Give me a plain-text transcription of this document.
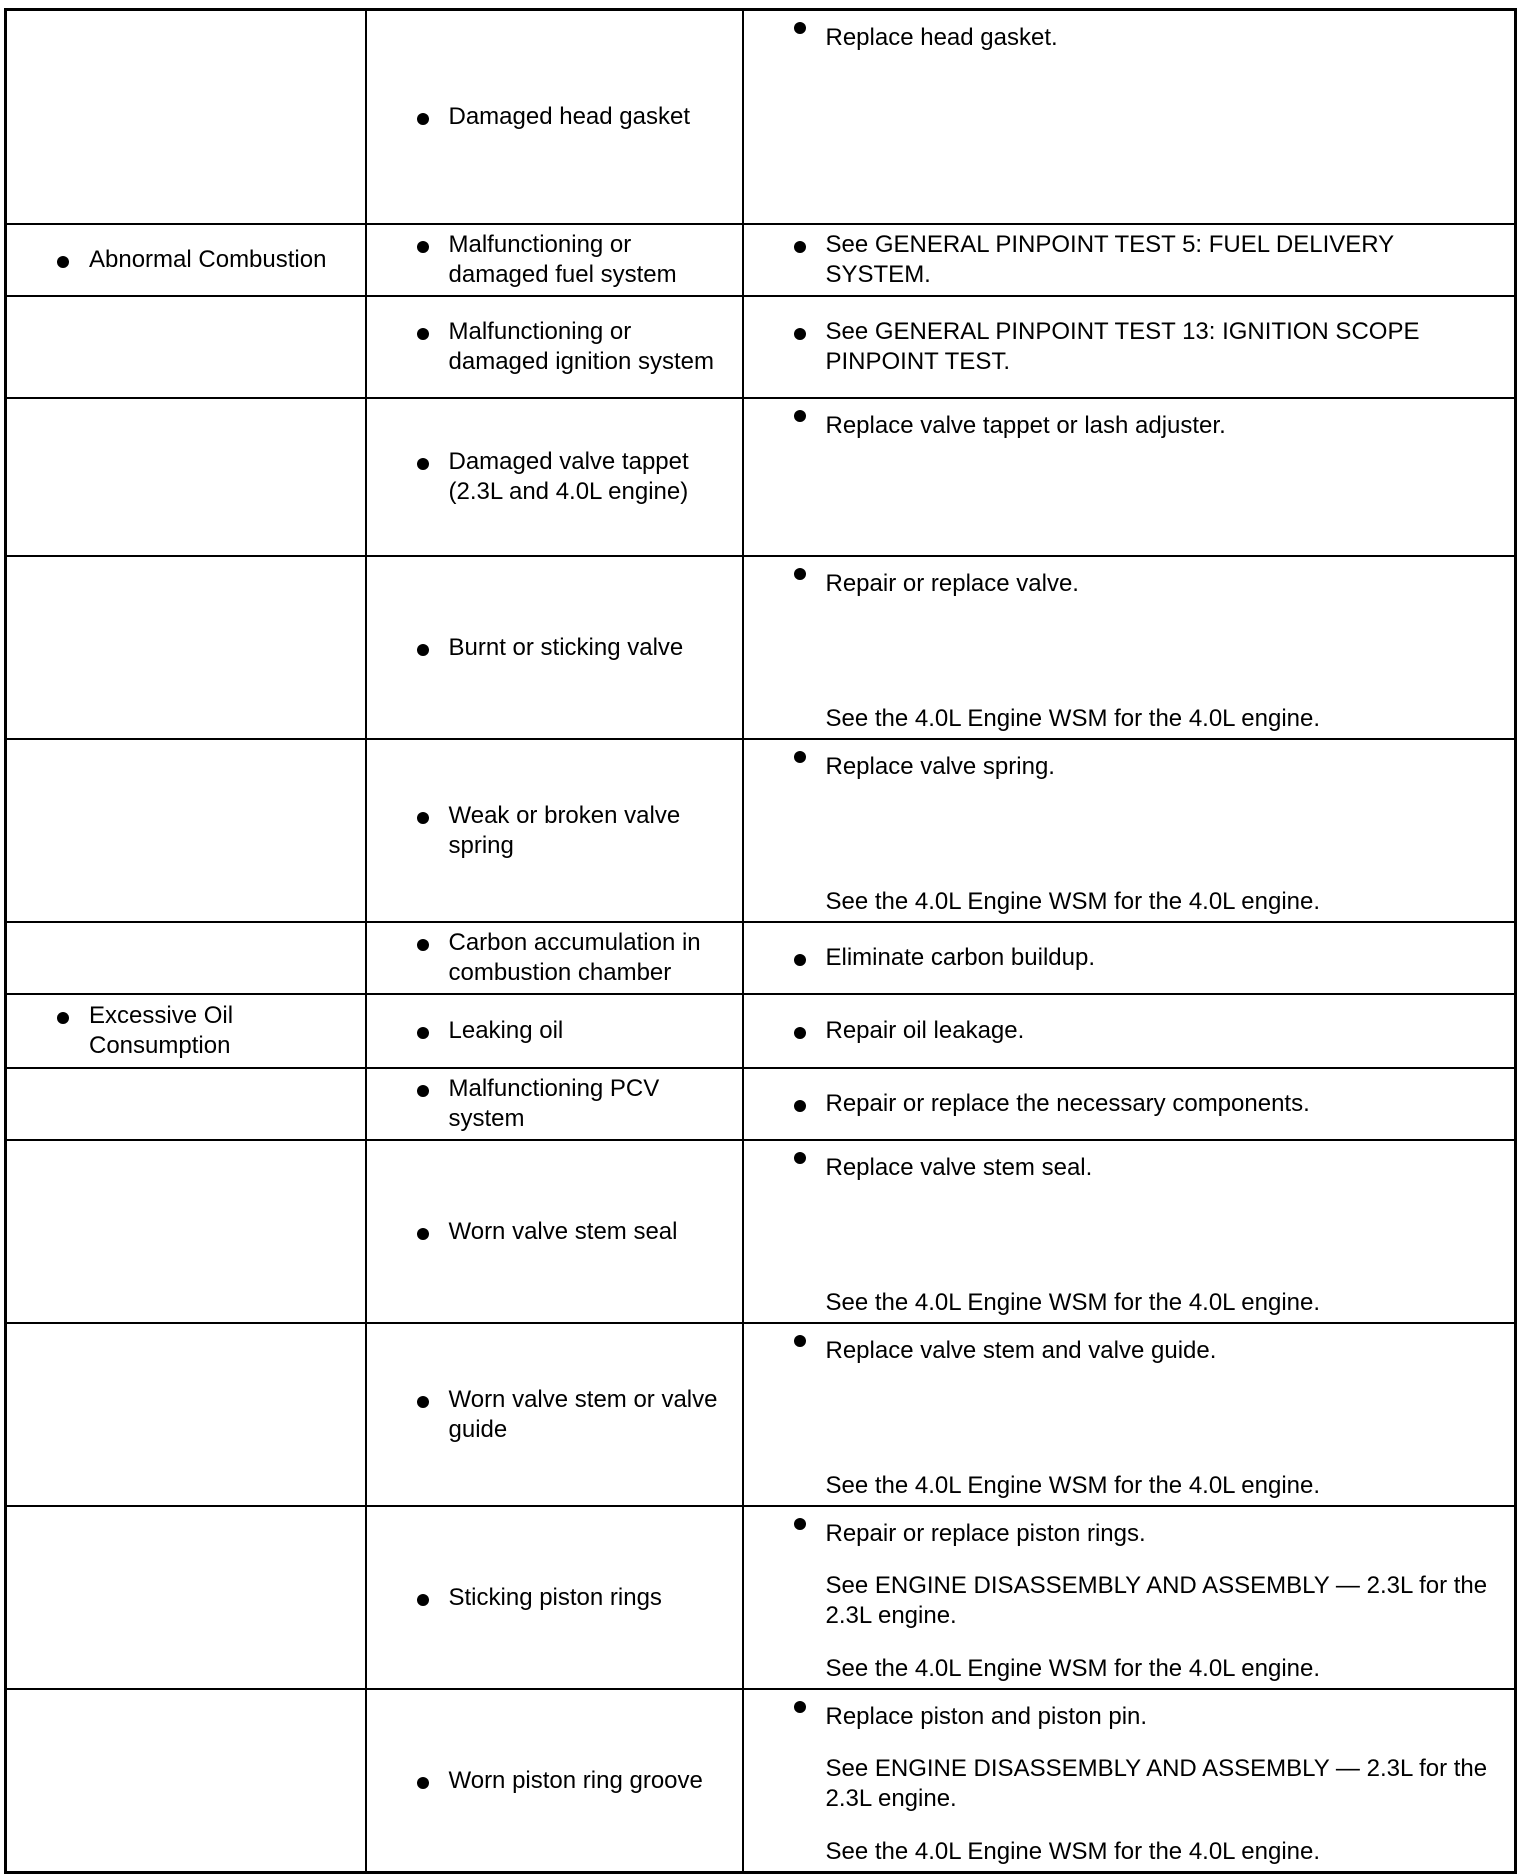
	Damaged head gasket	Replace head gasket.

Abnormal Combustion	Malfunctioning or damaged fuel system	See GENERAL PINPOINT TEST 5: FUEL DELIVERY SYSTEM.

	Malfunctioning or damaged ignition system	See GENERAL PINPOINT TEST 13: IGNITION SCOPE PINPOINT TEST.

	Damaged valve tappet (2.3L and 4.0L engine)	Replace valve tappet or lash adjuster.

	Burnt or sticking valve	Repair or replace valve.
See the 4.0L Engine WSM for the 4.0L engine.

	Weak or broken valve spring	Replace valve spring.
See the 4.0L Engine WSM for the 4.0L engine.

	Carbon accumulation in combustion chamber	Eliminate carbon buildup.

Excessive Oil Consumption	Leaking oil	Repair oil leakage.

	Malfunctioning PCV system	Repair or replace the necessary components.

	Worn valve stem seal	Replace valve stem seal.
See the 4.0L Engine WSM for the 4.0L engine.

	Worn valve stem or valve guide	Replace valve stem and valve guide.
See the 4.0L Engine WSM for the 4.0L engine.

	Sticking piston rings	Repair or replace piston rings.
See ENGINE DISASSEMBLY AND ASSEMBLY — 2.3L for the 2.3L engine.
See the 4.0L Engine WSM for the 4.0L engine.

	Worn piston ring groove	Replace piston and piston pin.
See ENGINE DISASSEMBLY AND ASSEMBLY — 2.3L for the 2.3L engine.
See the 4.0L Engine WSM for the 4.0L engine.
